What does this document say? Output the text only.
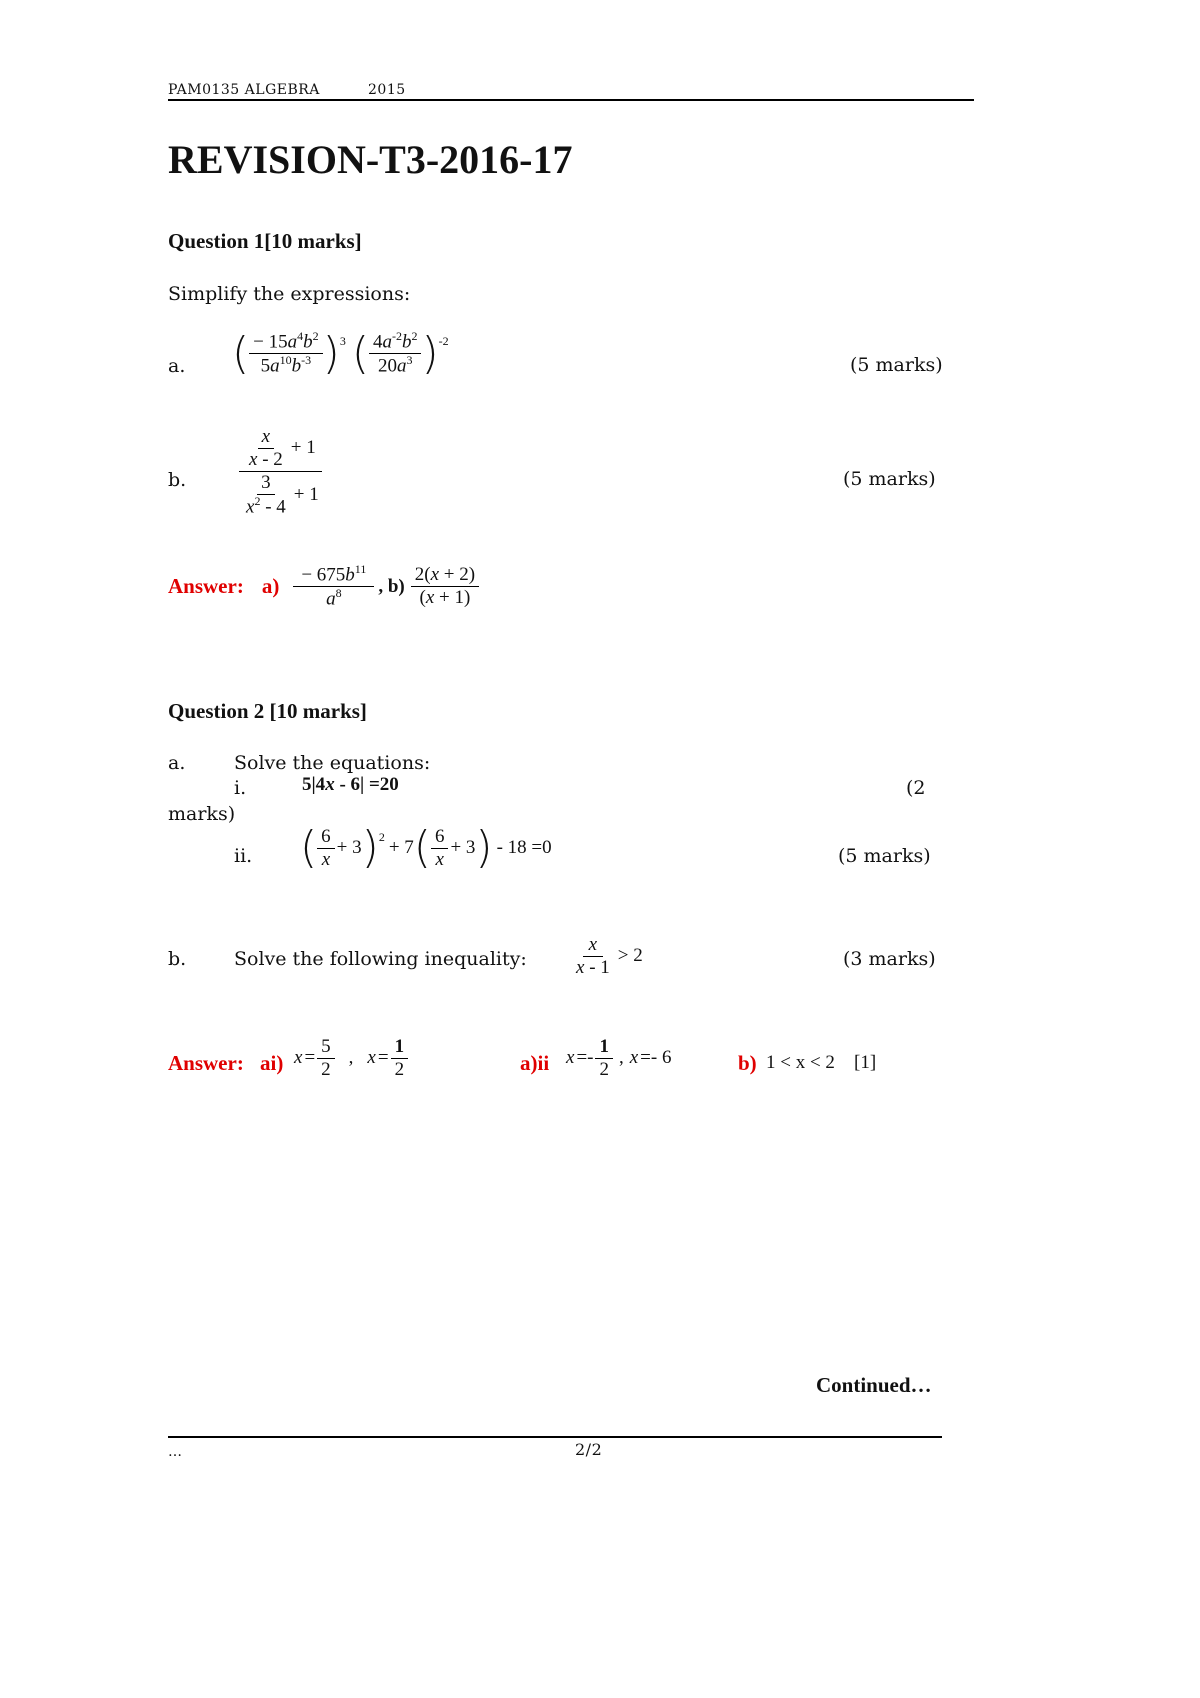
PAM0135 ALGEBRA	2015
REVISION-T3-2016-17
Question 1[10 marks]
Simplify the expressions:
a. ( $\frac{- 15a^4b^2}{5a^{10}b^{-3}} )^3$ ( $\frac{4a^{-2}b^2}{20a^3} )^{-2}$
(5 marks)
b.	$\frac{\frac{x}{x - 2} + 1}{\frac{3}{x^2 - 4} + 1}$	(5 marks)
Answer: $a) \frac{- 675b^{11}}{a^8}$ , $b) \frac{2(x + 2)}{(x + 1)}$
Question 2 [10 marks]
a.	Solve the equations:
i.	5|4x - 6| =20	(2
marks)
ii. ( $\frac{6}{x} + 3$ )$^2$
+ 7 ( $\frac{6}{x} + 3$ ) - 18 =0	(5 marks)
b.	Solve the following inequality: $\frac{x}{x - 1} > 2$	(3 marks)
Answer: ai) $x = \frac{5}{2}$ , $x = \frac{1}{2}$	a)ii $x =- \frac{1}{2}$ , x =- 6	b) 1 < x < 2 [1]
Continued…
…	2/2
